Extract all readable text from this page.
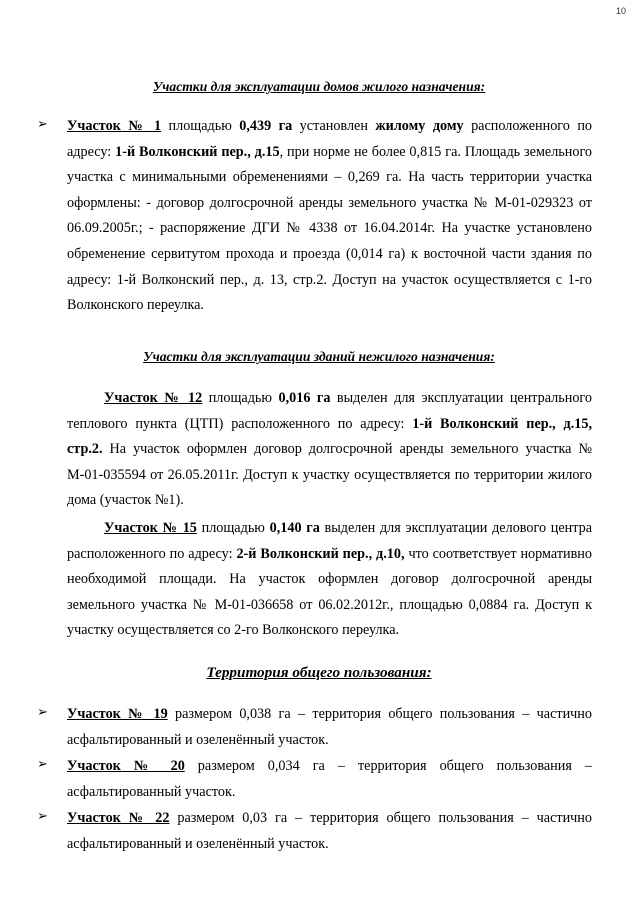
10
Участки для эксплуатации домов жилого назначения:
➢ Участок № 1 площадью 0,439 га установлен жилому дому расположенного по адресу: 1-й Волконский пер., д.15, при норме не более 0,815 га. Площадь земельного участка с минимальными обременениями – 0,269 га. На часть территории участка оформлены: - договор долгосрочной аренды земельного участка № М-01-029323 от 06.09.2005г.; - распоряжение ДГИ № 4338 от 16.04.2014г. На участке установлено обременение сервитутом прохода и проезда (0,014 га) к восточной части здания по адресу: 1-й Волконский пер., д. 13, стр.2. Доступ на участок осуществляется с 1-го Волконского переулка.
Участки для эксплуатации зданий нежилого назначения:
Участок № 12 площадью 0,016 га выделен для эксплуатации центрального теплового пункта (ЦТП) расположенного по адресу: 1-й Волконский пер., д.15, стр.2. На участок оформлен договор долгосрочной аренды земельного участка № М-01-035594 от 26.05.2011г. Доступ к участку осуществляется по территории жилого дома (участок №1).
Участок № 15 площадью 0,140 га выделен для эксплуатации делового центра расположенного по адресу: 2-й Волконский пер., д.10, что соответствует нормативно необходимой площади. На участок оформлен договор долгосрочной аренды земельного участка № М-01-036658 от 06.02.2012г., площадью 0,0884 га. Доступ к участку осуществляется со 2-го Волконского переулка.
Территория общего пользования:
➢ Участок № 19 размером 0,038 га – территория общего пользования – частично асфальтированный и озеленённый участок.
➢ Участок № 20 размером 0,034 га – территория общего пользования – асфальтированный участок.
➢ Участок № 22 размером 0,03 га – территория общего пользования – частично асфальтированный и озеленённый участок.
